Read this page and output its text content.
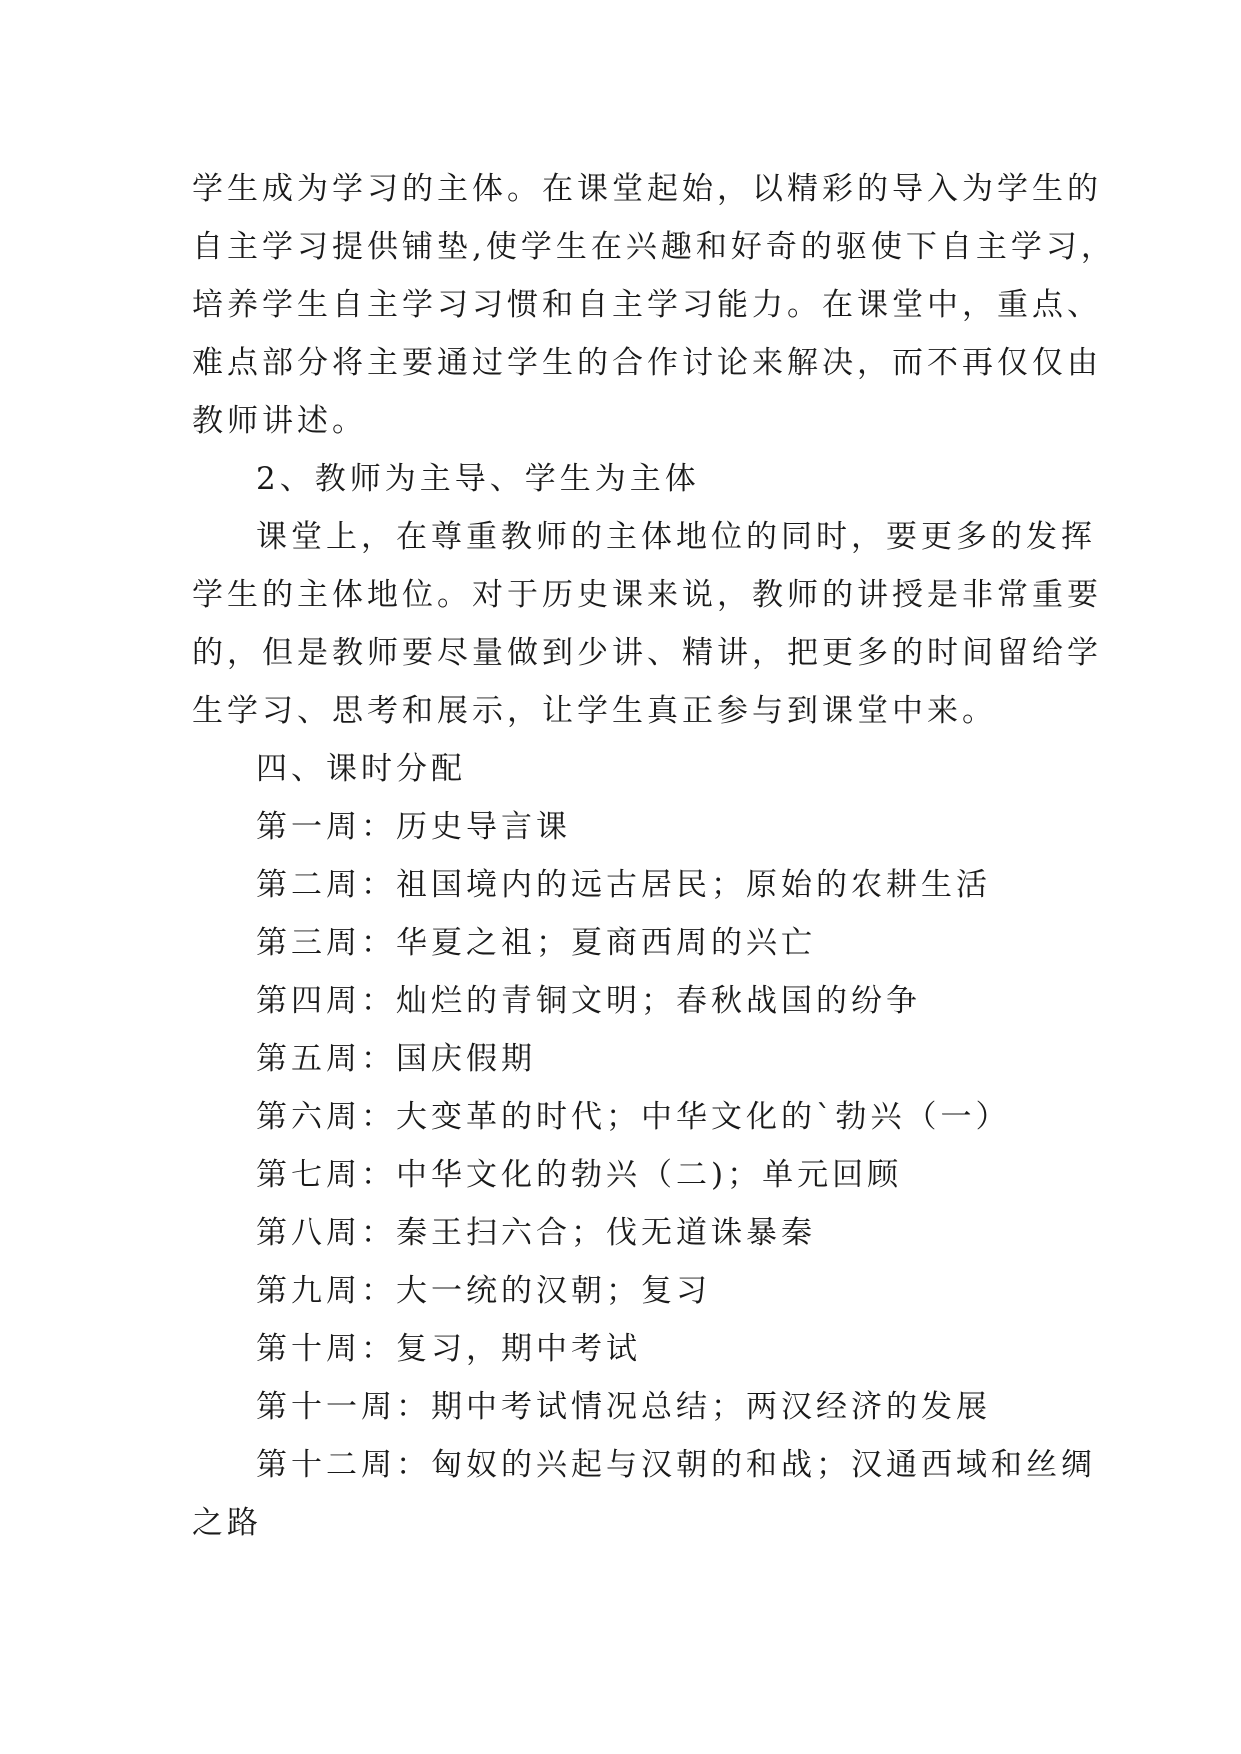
学生成为学习的主体。在课堂起始，以精彩的导入为学生的
自主学习提供铺垫,使学生在兴趣和好奇的驱使下自主学习，
培养学生自主学习习惯和自主学习能力。在课堂中，重点、
难点部分将主要通过学生的合作讨论来解决，而不再仅仅由
教师讲述。
2、教师为主导、学生为主体
课堂上，在尊重教师的主体地位的同时，要更多的发挥
学生的主体地位。对于历史课来说，教师的讲授是非常重要
的，但是教师要尽量做到少讲、精讲，把更多的时间留给学
生学习、思考和展示，让学生真正参与到课堂中来。
四、课时分配
第一周：历史导言课
第二周：祖国境内的远古居民；原始的农耕生活
第三周：华夏之祖；夏商西周的兴亡
第四周：灿烂的青铜文明；春秋战国的纷争
第五周：国庆假期
第六周：大变革的时代；中华文化的`勃兴（一）
第七周：中华文化的勃兴（二)；单元回顾
第八周：秦王扫六合；伐无道诛暴秦
第九周：大一统的汉朝；复习
第十周：复习，期中考试
第十一周：期中考试情况总结；两汉经济的发展
第十二周：匈奴的兴起与汉朝的和战；汉通西域和丝绸
之路
